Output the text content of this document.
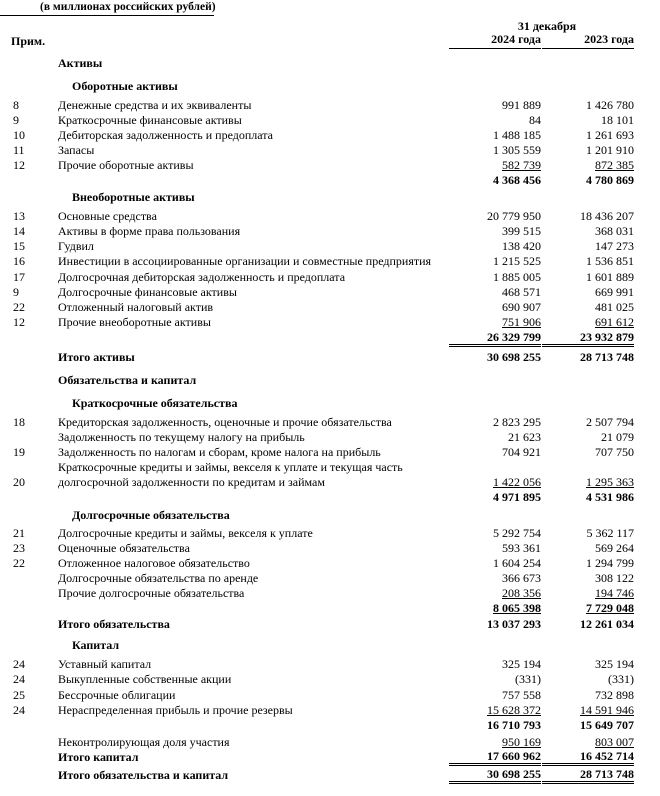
(в миллионах российских рублей)
31 декабря
Прим.	2024 года	2023 года
Активы
Оборотные активы
8	Денежные средства и их эквиваленты	991 889	1 426 780
9	Краткосрочные финансовые активы	84	18 101
10	Дебиторская задолженность и предоплата	1 488 185	1 261 693
11	Запасы	1 305 559	1 201 910
12	Прочие оборотные активы	582 739	872 385
4 368 456	4 780 869
Внеоборотные активы
13	Основные средства	20 779 950	18 436 207
14	Активы в форме права пользования	399 515	368 031
15	Гудвил	138 420	147 273
16	Инвестиции в ассоциированные организации и совместные предприятия	1 215 525	1 536 851
17	Долгосрочная дебиторская задолженность и предоплата	1 885 005	1 601 889
9	Долгосрочные финансовые активы	468 571	669 991
22	Отложенный налоговый актив	690 907	481 025
12	Прочие внеоборотные активы	751 906	691 612
26 329 799	23 932 879
Итого активы	30 698 255	28 713 748
Обязательства и капитал
Краткосрочные обязательства
18	Кредиторская задолженность, оценочные и прочие обязательства	2 823 295	2 507 794
Задолженность по текущему налогу на прибыль	21 623	21 079
19	Задолженность по налогам и сборам, кроме налога на прибыль	704 921	707 750
Краткосрочные кредиты и займы, векселя к уплате и текущая часть
20	долгосрочной задолженности по кредитам и займам	1 422 056	1 295 363
4 971 895	4 531 986
Долгосрочные обязательства
21	Долгосрочные кредиты и займы, векселя к уплате	5 292 754	5 362 117
23	Оценочные обязательства	593 361	569 264
22	Отложенное налоговое обязательство	1 604 254	1 294 799
Долгосрочные обязательства по аренде	366 673	308 122
Прочие долгосрочные обязательства	208 356	194 746
8 065 398	7 729 048
Итого обязательства	13 037 293	12 261 034
Капитал
24	Уставный капитал	325 194	325 194
24	Выкупленные собственные акции	(331)	(331)
25	Бессрочные облигации	757 558	732 898
24	Нераспределенная прибыль и прочие резервы	15 628 372	14 591 946
16 710 793	15 649 707
Неконтролирующая доля участия	950 169	803 007
Итого капитал	17 660 962	16 452 714
Итого обязательства и капитал	30 698 255	28 713 748
